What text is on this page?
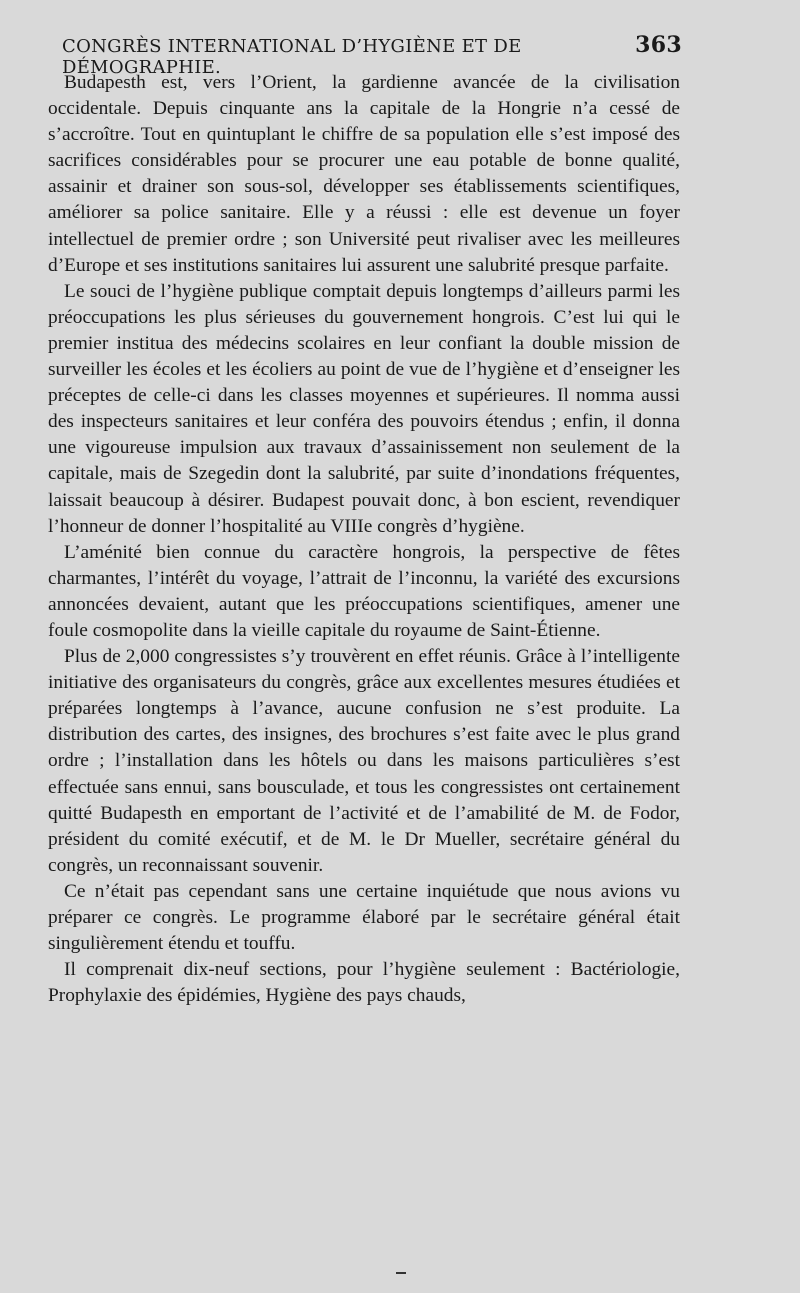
CONGRÈS INTERNATIONAL D’HYGIÈNE ET DE DÉMOGRAPHIE.
363

Budapesth est, vers l’Orient, la gardienne avancée de la civilisation occidentale. Depuis cinquante ans la capitale de la Hongrie n’a cessé de s’accroître. Tout en quintuplant le chiffre de sa population elle s’est imposé des sacrifices considérables pour se procurer une eau potable de bonne qualité, assainir et drainer son sous-sol, développer ses établissements scientifiques, améliorer sa police sanitaire. Elle y a réussi : elle est devenue un foyer intellectuel de premier ordre ; son Université peut rivaliser avec les meilleures d’Europe et ses institutions sanitaires lui assurent une salubrité presque parfaite.

Le souci de l’hygiène publique comptait depuis longtemps d’ailleurs parmi les préoccupations les plus sérieuses du gouvernement hongrois. C’est lui qui le premier institua des médecins scolaires en leur confiant la double mission de surveiller les écoles et les écoliers au point de vue de l’hygiène et d’enseigner les préceptes de celle-ci dans les classes moyennes et supérieures. Il nomma aussi des inspecteurs sanitaires et leur conféra des pouvoirs étendus ; enfin, il donna une vigoureuse impulsion aux travaux d’assainissement non seulement de la capitale, mais de Szegedin dont la salubrité, par suite d’inondations fréquentes, laissait beaucoup à désirer. Budapest pouvait donc, à bon escient, revendiquer l’honneur de donner l’hospitalité au VIIIe congrès d’hygiène.

L’aménité bien connue du caractère hongrois, la perspective de fêtes charmantes, l’intérêt du voyage, l’attrait de l’inconnu, la variété des excursions annoncées devaient, autant que les préoccupations scientifiques, amener une foule cosmopolite dans la vieille capitale du royaume de Saint-Étienne.

Plus de 2,000 congressistes s’y trouvèrent en effet réunis. Grâce à l’intelligente initiative des organisateurs du congrès, grâce aux excellentes mesures étudiées et préparées longtemps à l’avance, aucune confusion ne s’est produite. La distribution des cartes, des insignes, des brochures s’est faite avec le plus grand ordre ; l’installation dans les hôtels ou dans les maisons particulières s’est effectuée sans ennui, sans bousculade, et tous les congressistes ont certainement quitté Budapesth en emportant de l’activité et de l’amabilité de M. de Fodor, président du comité exécutif, et de M. le Dr Mueller, secrétaire général du congrès, un reconnaissant souvenir.

Ce n’était pas cependant sans une certaine inquiétude que nous avions vu préparer ce congrès. Le programme élaboré par le secrétaire général était singulièrement étendu et touffu.

Il comprenait dix-neuf sections, pour l’hygiène seulement : Bactériologie, Prophylaxie des épidémies, Hygiène des pays chauds,
